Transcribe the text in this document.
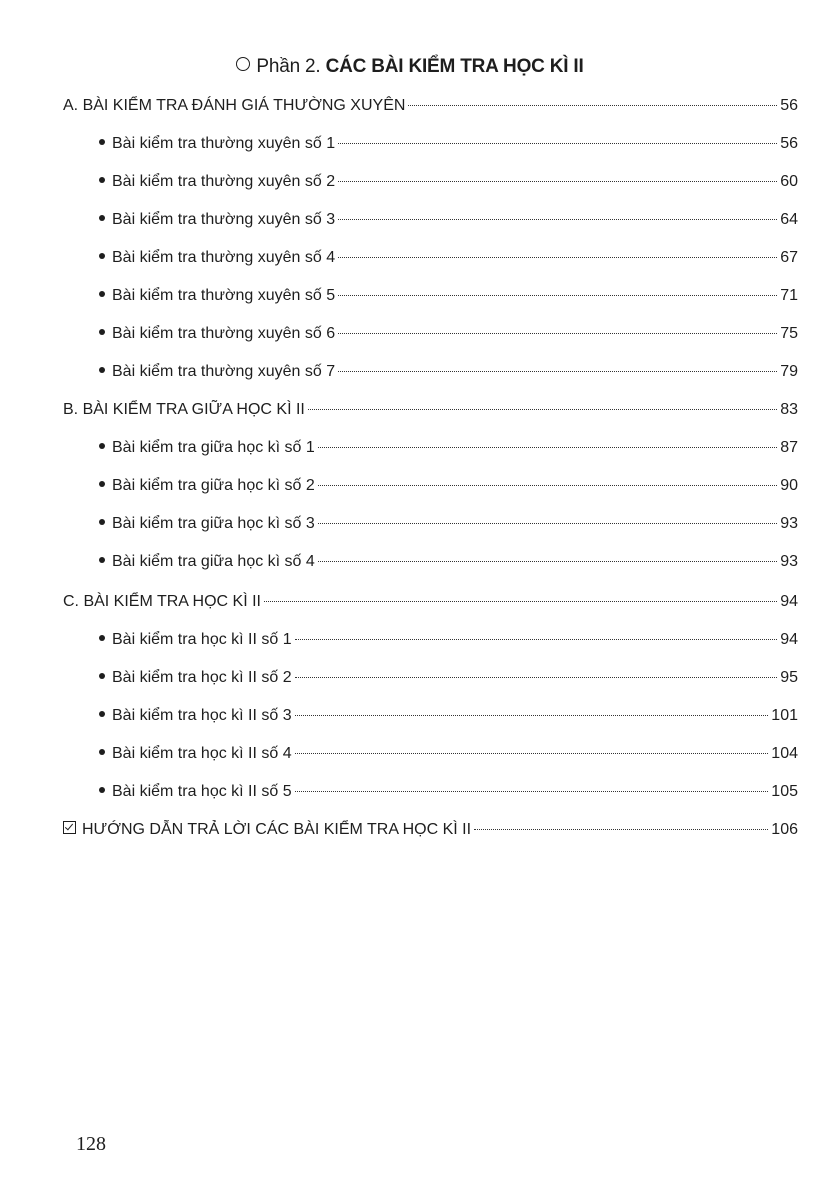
Phần 2. CÁC BÀI KIỂM TRA HỌC KÌ II
A. BÀI KIỂM TRA ĐÁNH GIÁ THƯỜNG XUYÊN	56
Bài kiểm tra thường xuyên số 1	56
Bài kiểm tra thường xuyên số 2	60
Bài kiểm tra thường xuyên số 3	64
Bài kiểm tra thường xuyên số 4	67
Bài kiểm tra thường xuyên số 5	71
Bài kiểm tra thường xuyên số 6	75
Bài kiểm tra thường xuyên số 7	79
B. BÀI KIỂM TRA GIỮA HỌC KÌ II	83
Bài kiểm tra giữa học kì số 1	87
Bài kiểm tra giữa học kì số 2	90
Bài kiểm tra giữa học kì số 3	93
Bài kiểm tra giữa học kì số 4	93
C. BÀI KIỂM TRA HỌC KÌ II	94
Bài kiểm tra học kì II số 1	94
Bài kiểm tra học kì II số 2	95
Bài kiểm tra học kì II số 3	101
Bài kiểm tra học kì II số 4	104
Bài kiểm tra học kì II số 5	105
HƯỚNG DẪN TRẢ LỜI CÁC BÀI KIỂM TRA HỌC KÌ II	106
128
